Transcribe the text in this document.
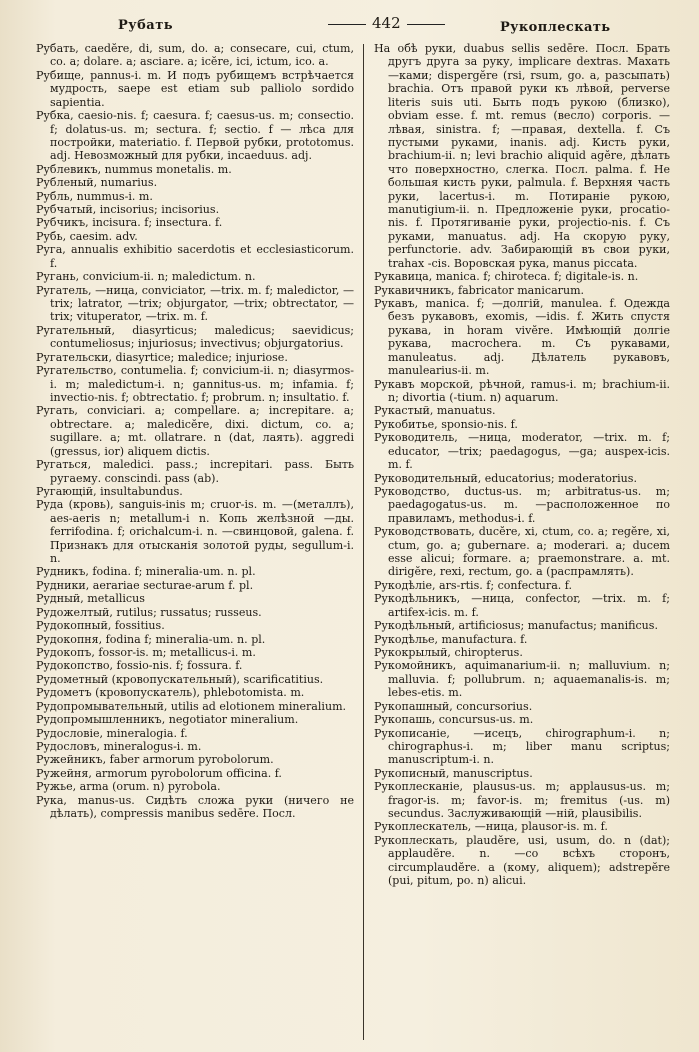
Рубать	442	Рукоплескать

Рубать, caedĕre, di, sum, do. a; consecare, cui, ctum, co. a; dolare. a; asciare. a; icĕre, ici, ictum, ico. a.

Рубище, pannus-i. m. И подъ рубищемъ встрѣчается мудрость, saepe est etiam sub palliolo sordido sapientia.

Рубка, caesio-nis. f; caesura. f; caesus-us. m; consectio. f; dolatus-us. m; sectura. f; sectio. f — лѣса для постройки, materiatio. f. Первой рубки, prototomus. adj. Невозможный для рубки, incaeduus. adj.

Рублевикъ, nummus monetalis. m.

Рубленый, numarius.

Рубль, nummus-i. m.

Рубчатый, incisorius; incisorius.

Рубчикъ, incisura. f; insectura. f.

Рубь, caesim. adv.

Руга, annualis exhibitio sacerdotis et ecclesiasticorum. f.

Ругань, convicium-ii. n; maledictum. n.

Ругатель, —ница, conviciator, —trix. m. f; maledictor, —trix; latrator, —trix; objurgator, —trix; obtrectator, —trix; vituperator, —trix. m. f.

Ругательный, diasyrticus; maledicus; saevidicus; contumeliosus; injuriosus; invectivus; objurgatorius.

Ругательски, diasyrtice; maledice; injuriose.

Ругательство, contumelia. f; convicium-ii. n; diasyrmos-i. m; maledictum-i. n; gannitus-us. m; infamia. f; invectio-nis. f; obtrectatio. f; probrum. n; insultatio. f.

Ругать, conviciari. a; compellare. a; increpitare. a; obtrectare. a; maledicĕre, dixi. dictum, co. a; sugillare. a; mt. ollatrare. n (dat, лаять). aggredi (gressus, ior) aliquem dictis.

Ругаться, maledici. pass.; increpitari. pass. Быть ругаему. conscindi. pass (ab).

Ругающій, insultabundus.

Руда (кровь), sanguis-inis m; cruor-is. m. —(металлъ), aes-aeris n; metallum-i n. Копь желѣзной —ды. ferrifodina. f; orichalcum-i. n. —свинцовой, galena. f. Признакъ для отысканія золотой руды, segullum-i. n.

Рудникъ, fodina. f; mineralia-um. n. pl.

Рудники, aerariae secturae-arum f. pl.

Рудный, metallicus

Рудожелтый, rutilus; russatus; russeus.

Рудокопный, fossitius.

Рудокопня, fodina f; mineralia-um. n. pl.

Рудокопъ, fossor-is. m; metallicus-i. m.

Рудокопство, fossio-nis. f; fossura. f.

Рудометный (кровопускательный), scarificatitius.

Рудометъ (кровопускатель), phlebotomista. m.

Рудопромывательный, utilis ad elotionem mineralium.

Рудопромышленникъ, negotiator mineralium.

Рудословіе, mineralogia. f.

Рудословъ, mineralogus-i. m.

Ружейникъ, faber armorum pyrobolorum.

Ружейня, armorum pyrobolorum officina. f.

Ружье, arma (orum. n) pyrobola.

Рука, manus-us. Сидѣть сложа руки (ничего не дѣлать), compressis manibus sedēre. Посл.

На обѣ руки, duabus sellis sedēre. Посл. Брать другъ друга за руку, implicare dextras. Махать —ками; dispergĕre (rsi, rsum, go. a, разсыпать) brachia. Отъ правой руки къ лѣвой, perverse literis suis uti. Быть подъ рукою (близко), obviam esse. f. mt. remus (весло) corporis. —лѣвая, sinistra. f; —правая, dextella. f. Съ пустыми руками, inanis. adj. Кисть руки, brachium-ii. n; levi brachio aliquid agĕre, дѣлать что поверхностно, слегка. Посл. palma. f. Не большая кисть руки, palmula. f. Верхняя часть руки, lacertus-i. m. Потираніе рукою, manutigium-ii. n. Предложеніе руки, procatio-nis. f. Протягиваніе руки, projectio-nis. f. Съ руками, manuatus. adj. На скорую руку, perfunctorie. adv. Забирающій въ свои руки, trahax -cis. Воровская рука, manus piccata.

Рукавица, manica. f; chiroteca. f; digitale-is. n.

Рукавичникъ, fabricator manicarum.

Рукавъ, manica. f; —долгій, manulea. f. Одежда безъ рукавовъ, exomis, —idis. f. Жить спустя рукава, in horam vivĕre. Имѣющій долгіе рукава, macrochera. m. Съ рукавами, manuleatus. adj. Дѣлатель рукавовъ, manulearius-ii. m.

Рукавъ морской, рѣчной, ramus-i. m; brachium-ii. n; divortia (-tium. n) aquarum.

Рукастый, manuatus.

Рукобитье, sponsio-nis. f.

Руководитель, —ница, moderator, —trix. m. f; educator, —trix; paedagogus, —ga; auspex-icis. m. f.

Руководительный, educatorius; moderatorius.

Руководство, ductus-us. m; arbitratus-us. m; paedagogatus-us. m. —расположенное по правиламъ, methodus-i. f.

Руководствовать, ducĕre, xi, ctum, co. a; regĕre, xi, ctum, go. a; gubernare. a; moderari. a; ducem esse alicui; formare. a; praemonstrare. a. mt. dirigĕre, rexi, rectum, go. a (распрамлять).

Рукодѣліе, ars-rtis. f; confectura. f.

Рукодѣльникъ, —ница, confector, —trix. m. f; artifex-icis. m. f.

Рукодѣльный, artificiosus; manufactus; manificus.

Рукодѣлье, manufactura. f.

Рукокрылый, chiropterus.

Рукомойникъ, aquimanarium-ii. n; malluvium. n; malluvia. f; pollubrum. n; aquaemanalis-is. m; lebes-etis. m.

Рукопашный, concursorius.

Рукопашь, concursus-us. m.

Рукописаніе, —исецъ, chirographum-i. n; chirographus-i. m; liber manu scriptus; manuscriptum-i. n.

Рукописный, manuscriptus.

Рукоплесканіе, plausus-us. m; applausus-us. m; fragor-is. m; favor-is. m; fremitus (-us. m) secundus. Заслуживающій —ній, plausibilis.

Рукоплескатель, —ница, plausor-is. m. f.

Рукоплескать, plaudĕre, usi, usum, do. n (dat); applaudĕre. n. —со всѣхъ сторонъ, circumplaudĕre. a (кому, aliquem); adstrepĕre (pui, pitum, po. n) alicui.
